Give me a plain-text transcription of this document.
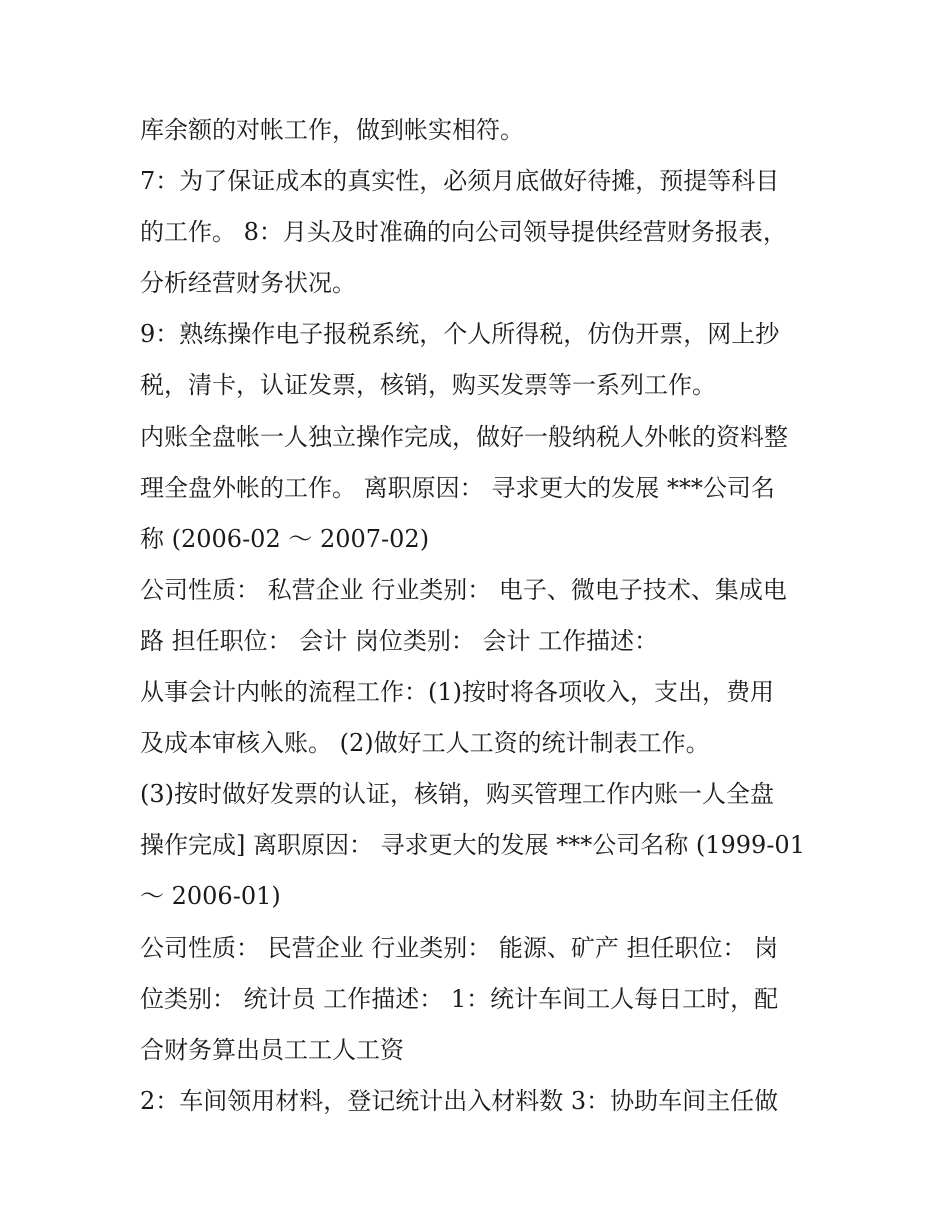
库余额的对帐工作，做到帐实相符。
7：为了保证成本的真实性，必须月底做好待摊，预提等科目
的工作。 8：月头及时准确的向公司领导提供经营财务报表，
分析经营财务状况。
9：熟练操作电子报税系统，个人所得税，仿伪开票，网上抄
税，清卡，认证发票，核销，购买发票等一系列工作。
内账全盘帐一人独立操作完成，做好一般纳税人外帐的资料整
理全盘外帐的工作。 离职原因： 寻求更大的发展 ***公司名
称 (2006-02 ～ 2007-02)
公司性质： 私营企业 行业类别： 电子、微电子技术、集成电
路 担任职位： 会计 岗位类别： 会计 工作描述：
从事会计内帐的流程工作：(1)按时将各项收入，支出，费用
及成本审核入账。 (2)做好工人工资的统计制表工作。
(3)按时做好发票的认证，核销，购买管理工作内账一人全盘
操作完成] 离职原因： 寻求更大的发展 ***公司名称 (1999-01
～ 2006-01)
公司性质： 民营企业 行业类别： 能源、矿产 担任职位： 岗
位类别： 统计员 工作描述： 1：统计车间工人每日工时，配
合财务算出员工工人工资
2：车间领用材料，登记统计出入材料数 3：协助车间主任做
